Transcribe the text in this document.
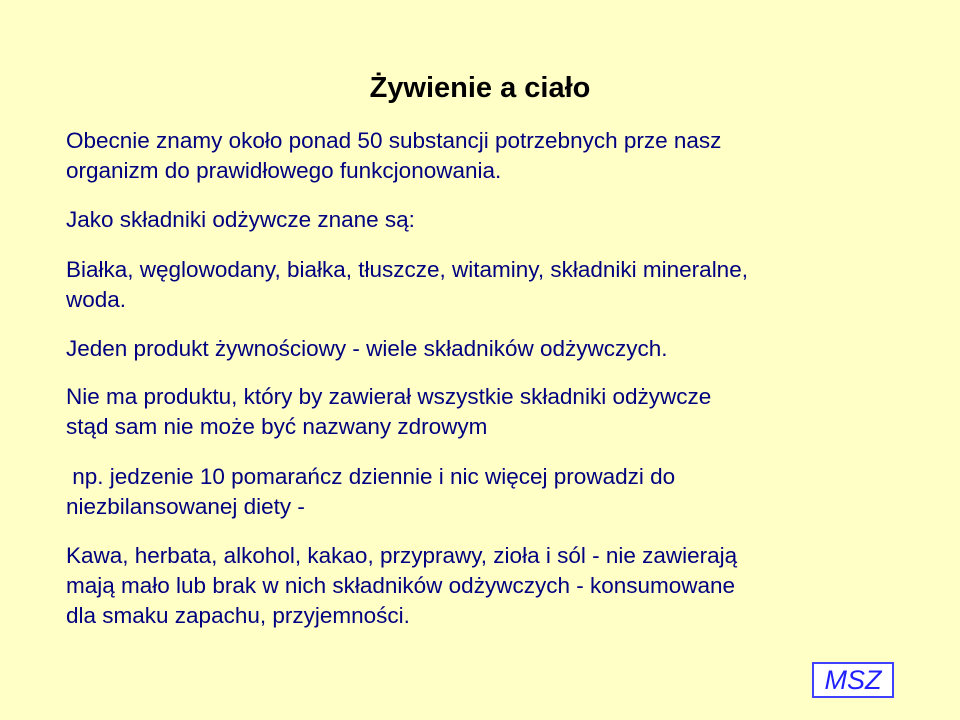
Żywienie a ciało

Obecnie znamy około ponad 50 substancji potrzebnych prze nasz
organizm do prawidłowego funkcjonowania.

Jako składniki odżywcze znane są:

Białka, węglowodany, białka, tłuszcze, witaminy, składniki mineralne,
woda.

Jeden produkt żywnościowy - wiele składników odżywczych.

Nie ma produktu, który by zawierał wszystkie składniki odżywcze
stąd sam nie może być nazwany zdrowym

np. jedzenie 10 pomarańcz dziennie i nic więcej prowadzi do
niezbilansowanej diety -

Kawa, herbata, alkohol, kakao, przyprawy, zioła i sól - nie zawierają
mają mało lub brak w nich składników odżywczych - konsumowane
dla smaku zapachu, przyjemności.

MSZ
